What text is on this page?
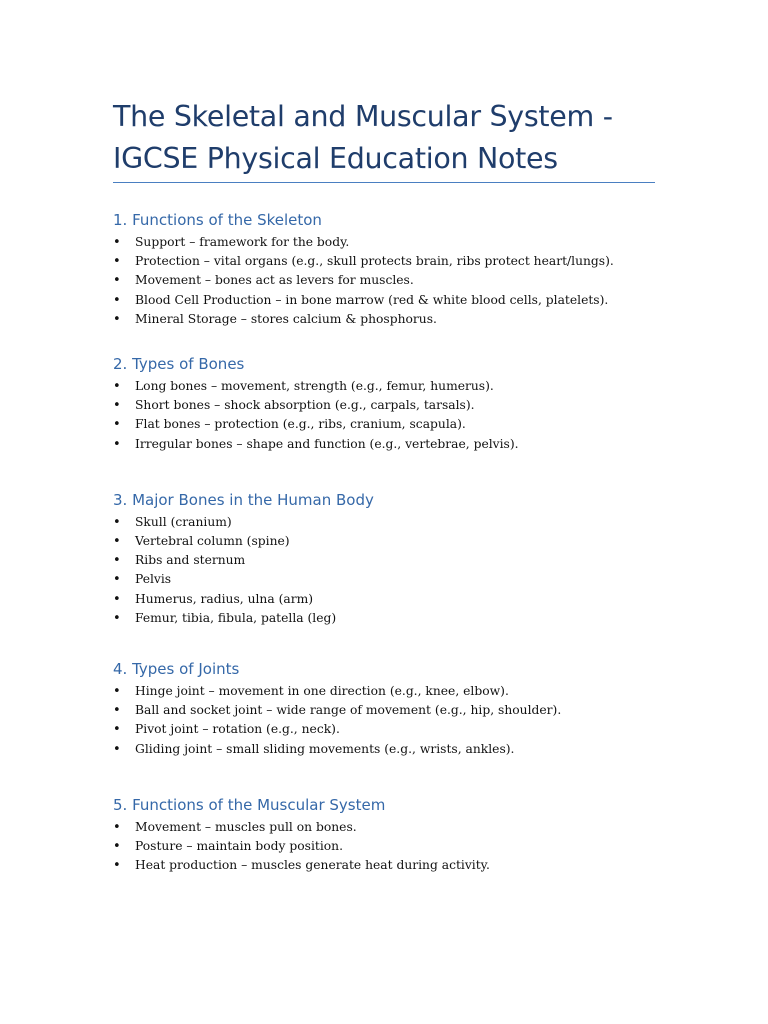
The Skeletal and Muscular System -
IGCSE Physical Education Notes
1. Functions of the Skeleton
• Support – framework for the body.
• Protection – vital organs (e.g., skull protects brain, ribs protect heart/lungs).
• Movement – bones act as levers for muscles.
• Blood Cell Production – in bone marrow (red & white blood cells, platelets).
• Mineral Storage – stores calcium & phosphorus.
2. Types of Bones
• Long bones – movement, strength (e.g., femur, humerus).
• Short bones – shock absorption (e.g., carpals, tarsals).
• Flat bones – protection (e.g., ribs, cranium, scapula).
• Irregular bones – shape and function (e.g., vertebrae, pelvis).
3. Major Bones in the Human Body
• Skull (cranium)
• Vertebral column (spine)
• Ribs and sternum
• Pelvis
• Humerus, radius, ulna (arm)
• Femur, tibia, fibula, patella (leg)
4. Types of Joints
• Hinge joint – movement in one direction (e.g., knee, elbow).
• Ball and socket joint – wide range of movement (e.g., hip, shoulder).
• Pivot joint – rotation (e.g., neck).
• Gliding joint – small sliding movements (e.g., wrists, ankles).
5. Functions of the Muscular System
• Movement – muscles pull on bones.
• Posture – maintain body position.
• Heat production – muscles generate heat during activity.
